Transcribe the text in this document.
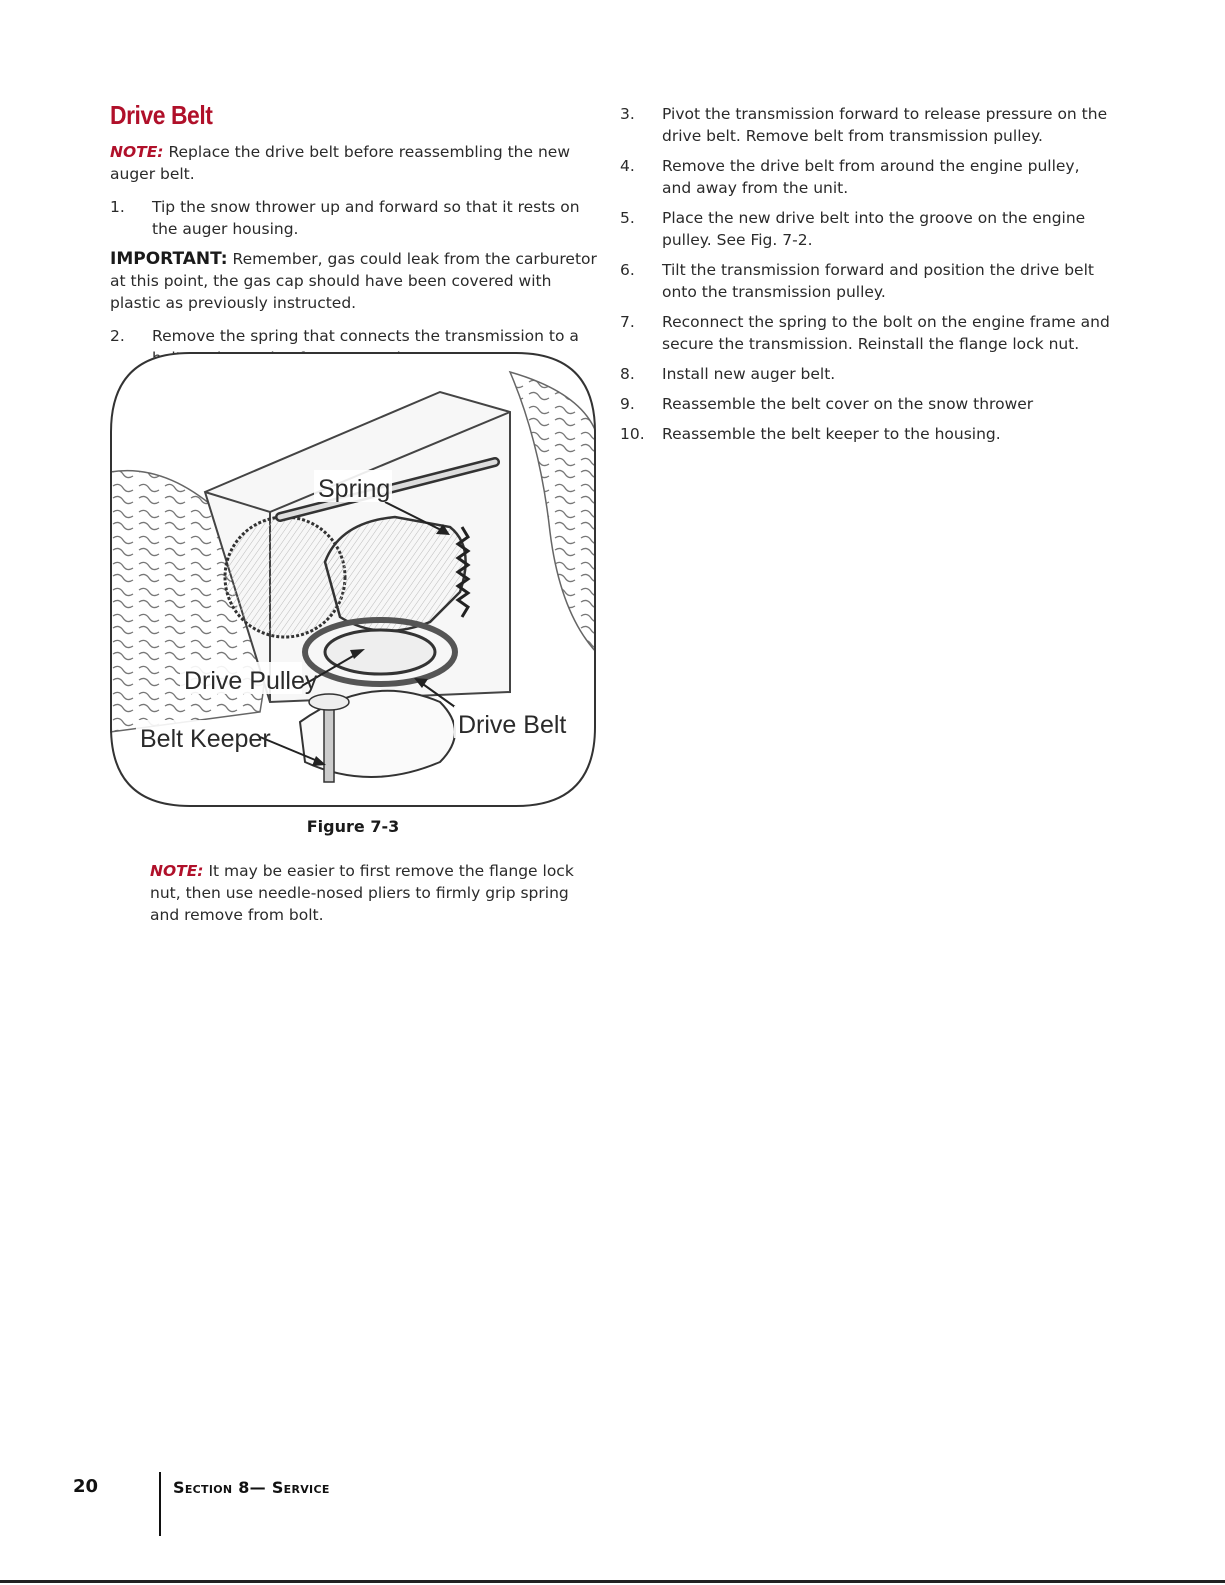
Drive Belt

NOTE: Replace the drive belt before reassembling the new auger belt.

1.	Tip the snow thrower up and forward so that it rests on the auger housing.

IMPORTANT: Remember, gas could leak from the carburetor at this point, the gas cap should have been covered with plastic as previously instructed.

2.	Remove the spring that connects the transmission to a
Spring
Drive Pulley
Belt Keeper	Drive Belt
Figure 7-3

NOTE: It may be easier to first remove the flange lock nut, then use needle-nosed pliers to firmly grip spring and remove from bolt.

3.	Pivot the transmission forward to release pressure on the drive belt. Remove belt from transmission pulley.
4.	Remove the drive belt from around the engine pulley, and away from the unit.
5.	Place the new drive belt into the groove on the engine pulley. See Fig. 7-2.
6.	Tilt the transmission forward and position the drive belt onto the transmission pulley.
7.	Reconnect the spring to the bolt on the engine frame and secure the transmission. Reinstall the flange lock nut.
8.	Install new auger belt.
9.	Reassemble the belt cover on the snow thrower
10.	Reassemble the belt keeper to the housing.
20	Section 8— Service
